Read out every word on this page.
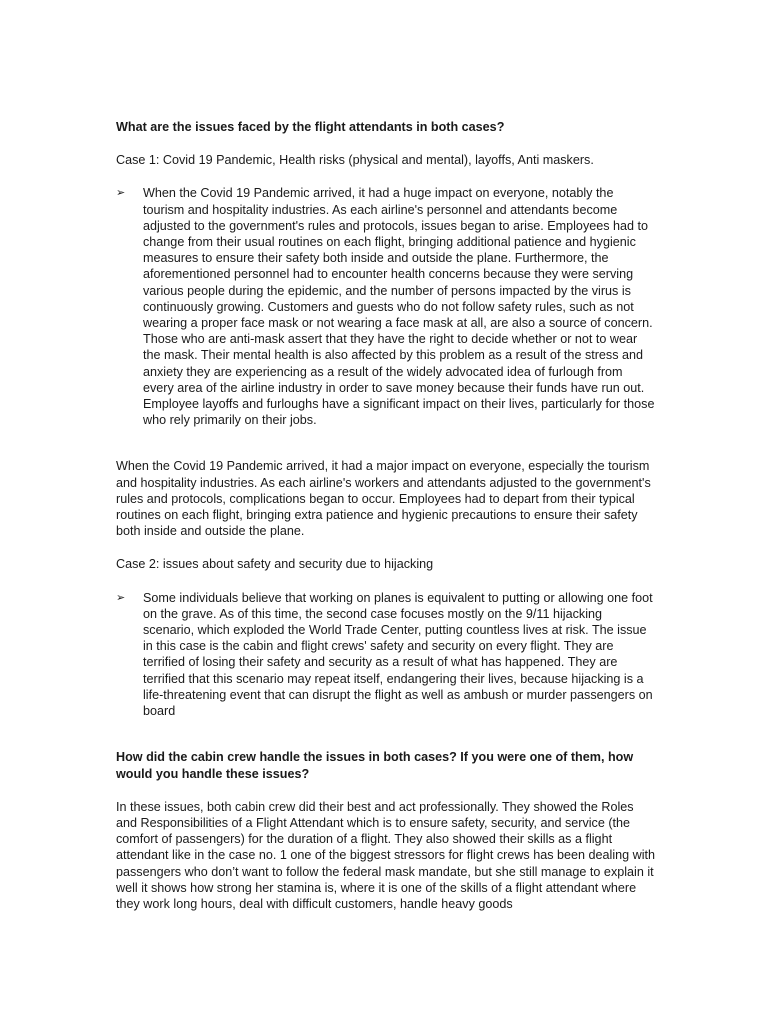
What are the issues faced by the flight attendants in both cases?

Case 1: Covid 19 Pandemic, Health risks (physical and mental), layoffs, Anti maskers.

➢	When the Covid 19 Pandemic arrived, it had a huge impact on everyone, notably the tourism and hospitality industries. As each airline's personnel and attendants become adjusted to the government's rules and protocols, issues began to arise. Employees had to change from their usual routines on each flight, bringing additional patience and hygienic measures to ensure their safety both inside and outside the plane. Furthermore, the aforementioned personnel had to encounter health concerns because they were serving various people during the epidemic, and the number of persons impacted by the virus is continuously growing. Customers and guests who do not follow safety rules, such as not wearing a proper face mask or not wearing a face mask at all, are also a source of concern. Those who are anti-mask assert that they have the right to decide whether or not to wear the mask. Their mental health is also affected by this problem as a result of the stress and anxiety they are experiencing as a result of the widely advocated idea of furlough from every area of the airline industry in order to save money because their funds have run out. Employee layoffs and furloughs have a significant impact on their lives, particularly for those who rely primarily on their jobs.

When the Covid 19 Pandemic arrived, it had a major impact on everyone, especially the tourism and hospitality industries. As each airline's workers and attendants adjusted to the government's rules and protocols, complications began to occur. Employees had to depart from their typical routines on each flight, bringing extra patience and hygienic precautions to ensure their safety both inside and outside the plane.

Case 2: issues about safety and security due to hijacking

➢	Some individuals believe that working on planes is equivalent to putting or allowing one foot on the grave. As of this time, the second case focuses mostly on the 9/11 hijacking scenario, which exploded the World Trade Center, putting countless lives at risk. The issue in this case is the cabin and flight crews' safety and security on every flight. They are terrified of losing their safety and security as a result of what has happened. They are terrified that this scenario may repeat itself, endangering their lives, because hijacking is a life-threatening event that can disrupt the flight as well as ambush or murder passengers on board

How did the cabin crew handle the issues in both cases? If you were one of them, how would you handle these issues?

In these issues, both cabin crew did their best and act professionally. They showed the Roles and Responsibilities of a Flight Attendant which is to ensure safety, security, and service (the comfort of passengers) for the duration of a flight. They also showed their skills as a flight attendant like in the case no. 1 one of the biggest stressors for flight crews has been dealing with passengers who don’t want to follow the federal mask mandate, but she still manage to explain it well it shows how strong her stamina is, where it is one of the skills of a flight attendant where they work long hours, deal with difficult customers, handle heavy goods
